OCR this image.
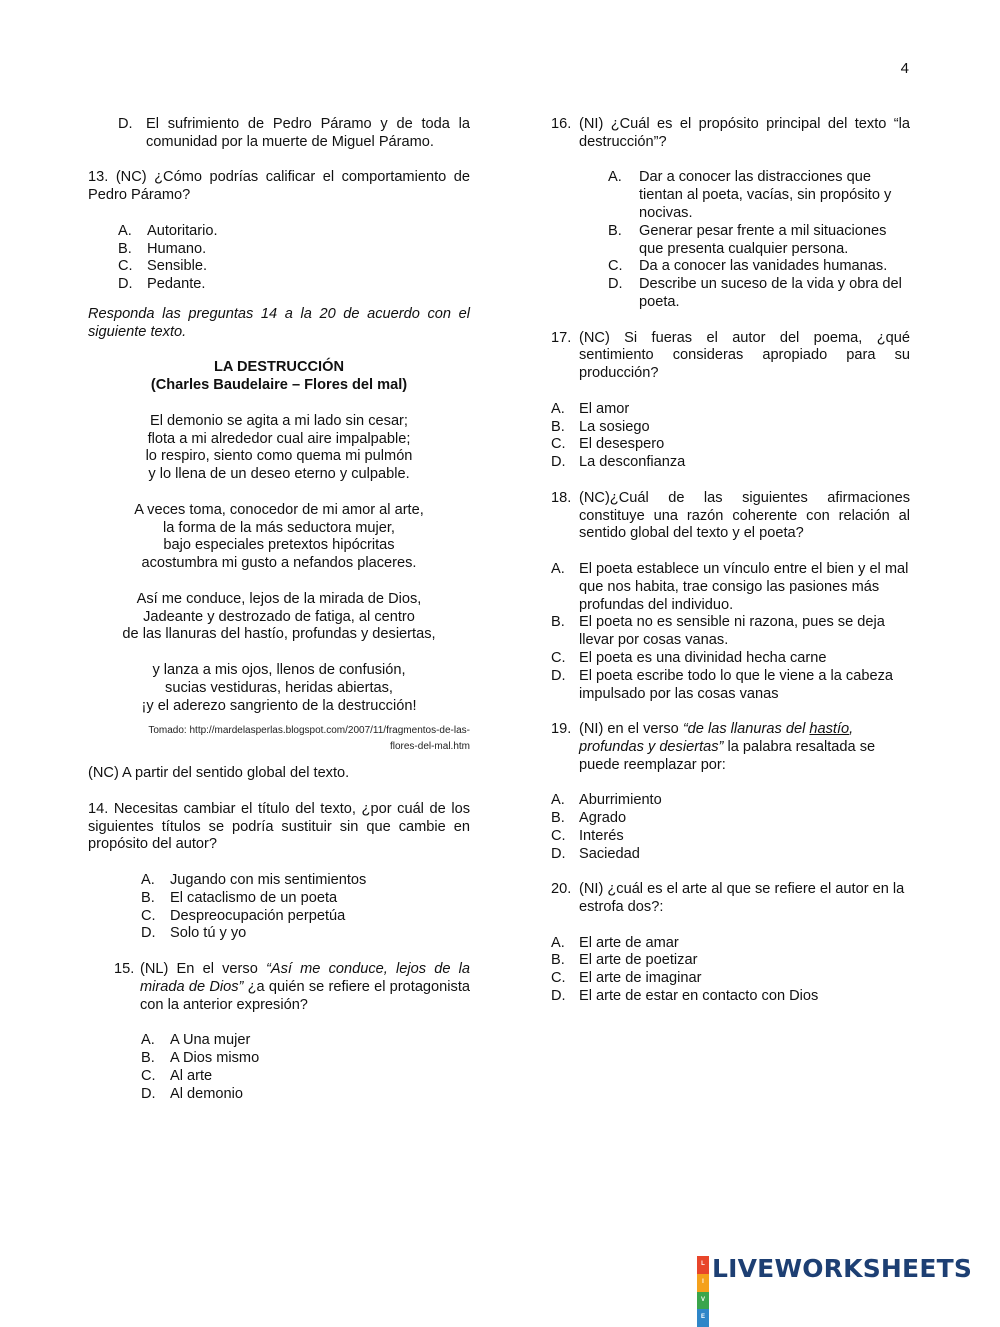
4
D. El sufrimiento de Pedro Páramo y de toda la comunidad por la muerte de Miguel Páramo.

13. (NC) ¿Cómo podrías calificar el comportamiento de Pedro Páramo?

A.	Autoritario.
B.	Humano.
C. Sensible.
D. Pedante.

Responda las preguntas 14 a la 20 de acuerdo con el siguiente texto.

LA DESTRUCCIÓN

(Charles Baudelaire – Flores del mal)

El demonio se agita a mi lado sin cesar;

flota a mi alrededor cual aire impalpable;

lo respiro, siento como quema mi pulmón

y lo llena de un deseo eterno y culpable.

A veces toma, conocedor de mi amor al arte,

la forma de la más seductora mujer,

bajo especiales pretextos hipócritas

acostumbra mi gusto a nefandos placeres.

Así me conduce, lejos de la mirada de Dios,

Jadeante y destrozado de fatiga, al centro

de las llanuras del hastío, profundas y desiertas,

y lanza a mis ojos, llenos de confusión,

sucias vestiduras, heridas abiertas,

¡y el aderezo sangriento de la destrucción!

Tomado: http://mardelasperlas.blogspot.com/2007/11/fragmentos-de-las-

flores-del-mal.htm

(NC) A partir del sentido global del texto.

14. Necesitas cambiar el título del texto, ¿por cuál de los siguientes títulos se podría sustituir sin que cambie en propósito del autor?

A.	Jugando con mis sentimientos
B.	El cataclismo de un poeta
C. Despreocupación perpetúa
D. Solo tú y yo
15. (NL) En el verso “Así me conduce, lejos de la mirada de Dios” ¿a quién se refiere el protagonista con la anterior expresión?
A.	A Una mujer
B.	A Dios mismo
C. Al arte
D. Al demonio
16. (NI) ¿Cuál es el propósito principal del texto “la destrucción”?
A.	Dar a conocer las distracciones que tientan al poeta, vacías, sin propósito y nocivas.
B.	Generar pesar frente a mil situaciones que presenta cualquier persona.
C.	Da a conocer las vanidades humanas.
D.	Describe un suceso de la vida y obra del poeta.
17. (NC) Si fueras el autor del poema, ¿qué sentimiento consideras apropiado para su producción?
A. El amor
B. La sosiego
C. El desespero
D. La desconfianza
18. (NC)¿Cuál de las siguientes afirmaciones constituye una razón coherente con relación al sentido global del texto y el poeta?
A. El poeta establece un vínculo entre el bien y el mal que nos habita, trae consigo las pasiones más profundas del individuo.
B. El poeta no es sensible ni razona, pues se deja llevar por cosas vanas.
C. El poeta es una divinidad hecha carne
D. El poeta escribe todo lo que le viene a la cabeza impulsado por las cosas vanas
19. (NI) en el verso “de las llanuras del hastío, profundas y desiertas” la palabra resaltada se puede reemplazar por:
A. Aburrimiento
B. Agrado
C. Interés
D. Saciedad
20. (NI) ¿cuál es el arte al que se refiere el autor en la estrofa dos?:
A. El arte de amar
B. El arte de poetizar
C. El arte de imaginar
D. El arte de estar en contacto con Dios
L
I
V
E
LIVEWORKSHEETS
